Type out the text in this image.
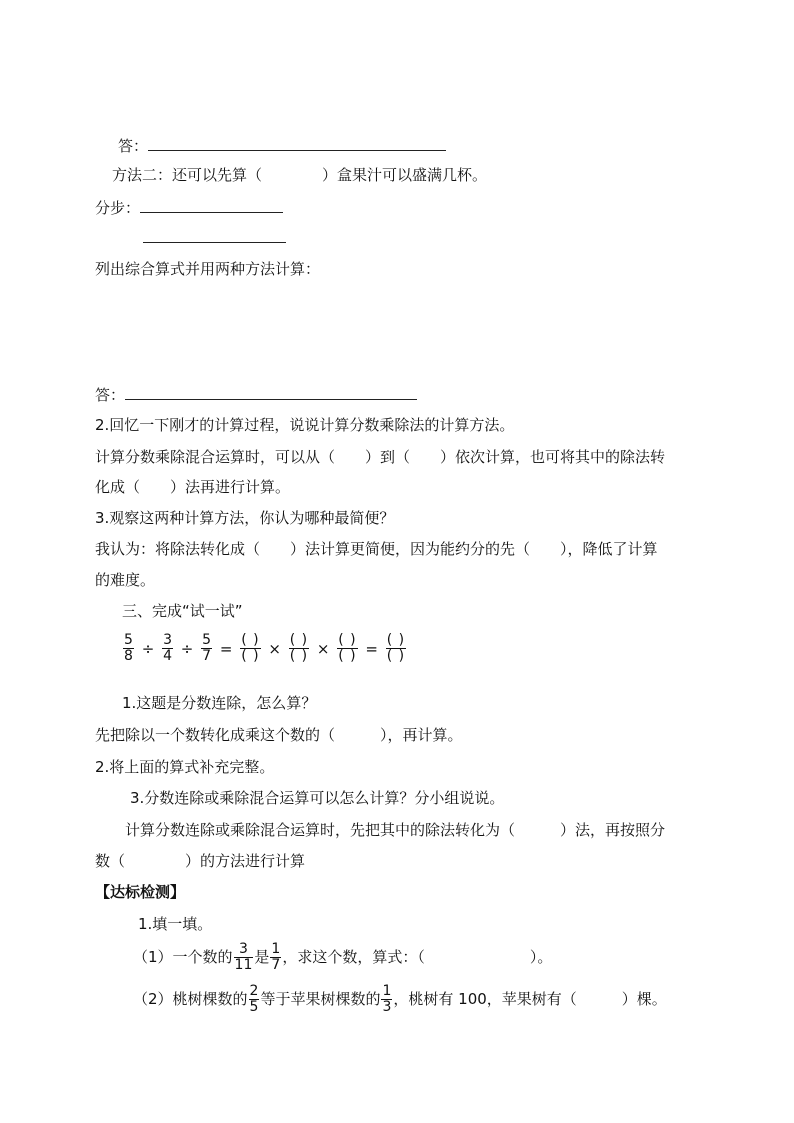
答：
方法二：还可以先算（　　　　）盒果汁可以盛满几杯。
分步：
列出综合算式并用两种方法计算：
答：
2.回忆一下刚才的计算过程，说说计算分数乘除法的计算方法。
计算分数乘除混合运算时，可以从（　　）到（　　）依次计算，也可将其中的除法转
化成（　　）法再进行计算。
3.观察这两种计算方法，你认为哪种最简便？
我认为：将除法转化成（　　）法计算更简便，因为能约分的先（　　），降低了计算
的难度。
三、完成“试一试”
$\frac{5}{8} \div \frac{3}{4} \div \frac{5}{7} = \frac{( )}{( )} \times \frac{( )}{( )} \times \frac{( )}{( )} = \frac{( )}{( )}$
1.这题是分数连除，怎么算？
先把除以一个数转化成乘这个数的（　　　），再计算。
2.将上面的算式补充完整。
3.分数连除或乘除混合运算可以怎么计算？分小组说说。
计算分数连除或乘除混合运算时，先把其中的除法转化为（　　　）法，再按照分
数（　　　　）的方法进行计算
【达标检测】
1.填一填。
（1）一个数的 $\frac{3}{11}$ 是 $\frac{1}{7}$ ，求这个数，算式：（　　　　　　　）。
（2）桃树棵数的 $\frac{2}{5}$ 等于苹果树棵数的 $\frac{1}{3}$ ，桃树有 100，苹果树有（　　　）棵。
